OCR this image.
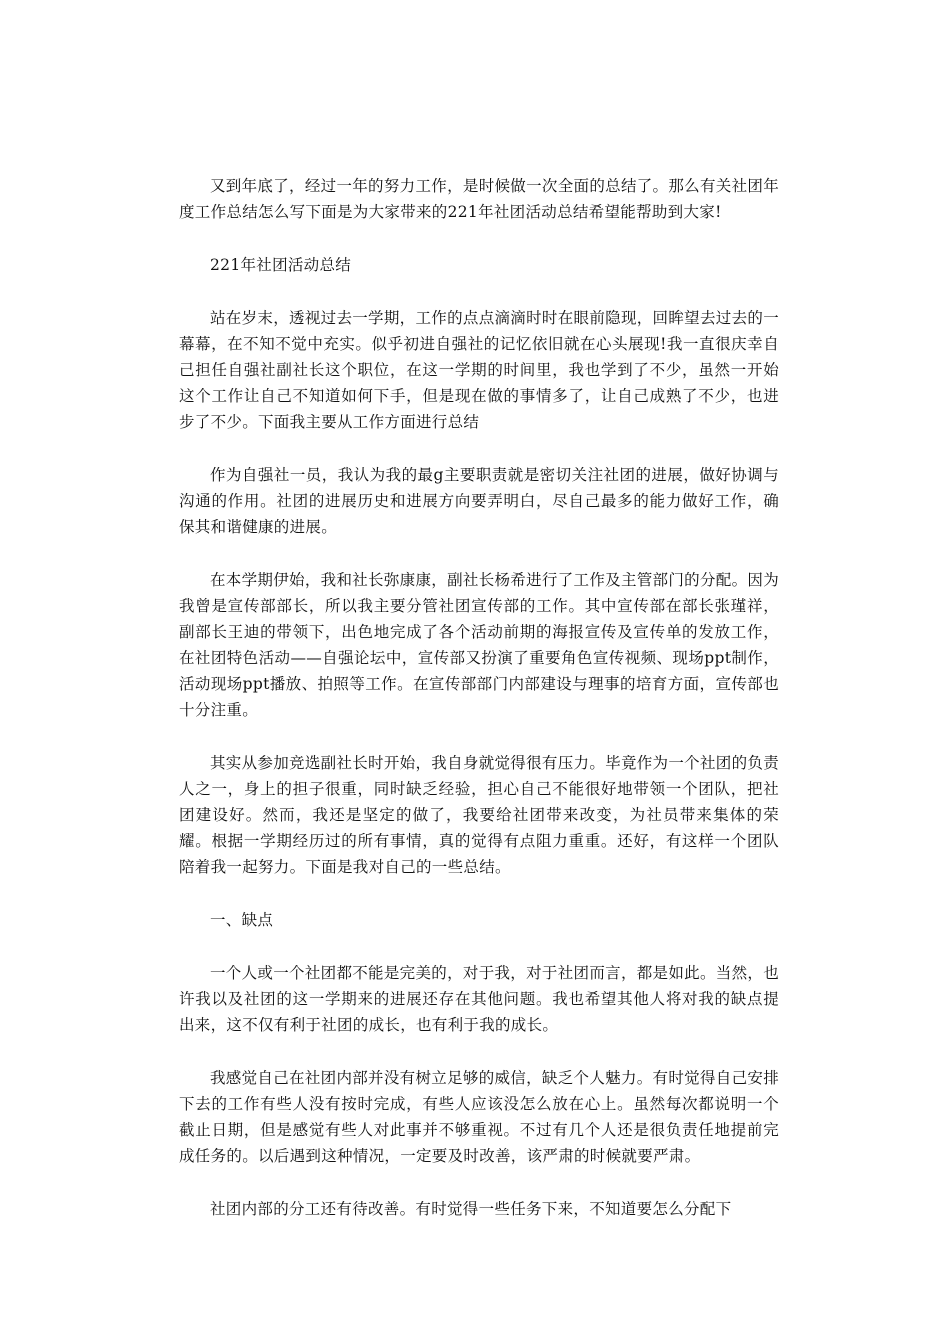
又到年底了，经过一年的努力工作，是时候做一次全面的总结了。那么有关社团年度工作总结怎么写下面是为大家带来的221年社团活动总结希望能帮助到大家!

221年社团活动总结

站在岁末，透视过去一学期，工作的点点滴滴时时在眼前隐现，回眸望去过去的一幕幕，在不知不觉中充实。似乎初进自强社的记忆依旧就在心头展现!我一直很庆幸自己担任自强社副社长这个职位，在这一学期的时间里，我也学到了不少，虽然一开始这个工作让自己不知道如何下手，但是现在做的事情多了，让自己成熟了不少，也进步了不少。下面我主要从工作方面进行总结

作为自强社一员，我认为我的最g主要职责就是密切关注社团的进展，做好协调与沟通的作用。社团的进展历史和进展方向要弄明白，尽自己最多的能力做好工作，确保其和谐健康的进展。

在本学期伊始，我和社长弥康康，副社长杨希进行了工作及主管部门的分配。因为我曾是宣传部部长，所以我主要分管社团宣传部的工作。其中宣传部在部长张瑾祥，副部长王迪的带领下，出色地完成了各个活动前期的海报宣传及宣传单的发放工作，在社团特色活动——自强论坛中，宣传部又扮演了重要角色宣传视频、现场ppt制作，活动现场ppt播放、拍照等工作。在宣传部部门内部建设与理事的培育方面，宣传部也十分注重。

其实从参加竞选副社长时开始，我自身就觉得很有压力。毕竟作为一个社团的负责人之一，身上的担子很重，同时缺乏经验，担心自己不能很好地带领一个团队，把社团建设好。然而，我还是坚定的做了，我要给社团带来改变，为社员带来集体的荣耀。根据一学期经历过的所有事情，真的觉得有点阻力重重。还好，有这样一个团队陪着我一起努力。下面是我对自己的一些总结。

一、缺点

一个人或一个社团都不能是完美的，对于我，对于社团而言，都是如此。当然，也许我以及社团的这一学期来的进展还存在其他问题。我也希望其他人将对我的缺点提出来，这不仅有利于社团的成长，也有利于我的成长。

我感觉自己在社团内部并没有树立足够的威信，缺乏个人魅力。有时觉得自己安排下去的工作有些人没有按时完成，有些人应该没怎么放在心上。虽然每次都说明一个截止日期，但是感觉有些人对此事并不够重视。不过有几个人还是很负责任地提前完成任务的。以后遇到这种情况，一定要及时改善，该严肃的时候就要严肃。

社团内部的分工还有待改善。有时觉得一些任务下来，不知道要怎么分配下
